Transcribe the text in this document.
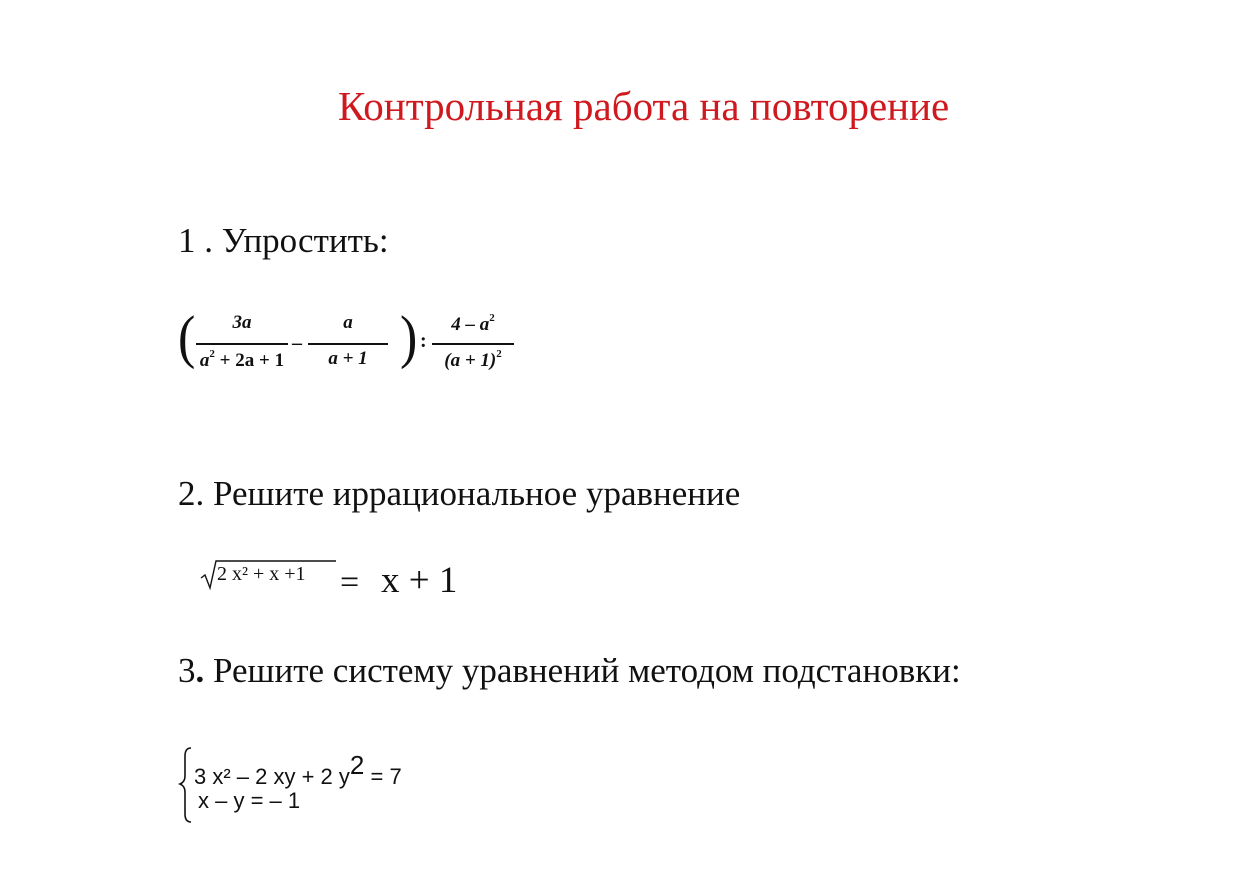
Контрольная работа на повторение
1 . Упростить:
(	3a
$a^2 + 2a + 1$
–
a
a + 1 ) :
$4 - a^2$
$(a + 1)^2$
2. Решите иррациональное уравнение
2 x² + x +1 = x + 1
3. Решите систему уравнений методом подстановки:
3 x² – 2 xy + 2 y2 = 7
x – y = – 1
